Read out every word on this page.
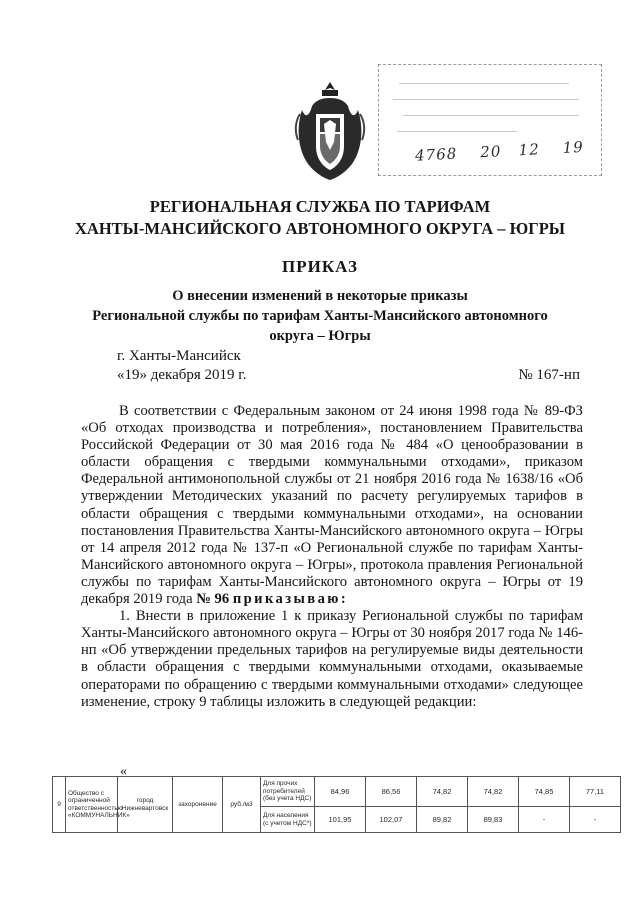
4768 20 12 19
РЕГИОНАЛЬНАЯ СЛУЖБА ПО ТАРИФАМ
ХАНТЫ-МАНСИЙСКОГО АВТОНОМНОГО ОКРУГА – ЮГРЫ
ПРИКАЗ
О внесении изменений в некоторые приказы
Региональной службы по тарифам Ханты-Мансийского автономного
округа – Югры
г. Ханты-Мансийск
«19» декабря 2019 г.	№ 167-нп

В соответствии с Федеральным законом от 24 июня 1998 года № 89-ФЗ «Об отходах производства и потребления», постановлением Правительства Российской Федерации от 30 мая 2016 года № 484 «О ценообразовании в области обращения с твердыми коммунальными отходами», приказом Федеральной антимонопольной службы от 21 ноября 2016 года № 1638/16 «Об утверждении Методических указаний по расчету регулируемых тарифов в области обращения с твердыми коммунальными отходами», на основании постановления Правительства Ханты-Мансийского автономного округа – Югры от 14 апреля 2012 года № 137-п «О Региональной службе по тарифам Ханты-Мансийского автономного округа – Югры», протокола правления Региональной службы по тарифам Ханты-Мансийского автономного округа – Югры от 19 декабря 2019 года № 96 приказываю:

1. Внести в приложение 1 к приказу Региональной службы по тарифам Ханты-Мансийского автономного округа – Югры от 30 ноября 2017 года № 146-нп «Об утверждении предельных тарифов на регулируемые виды деятельности в области обращения с твердыми коммунальными отходами, оказываемые операторами по обращению с твердыми коммунальными отходами» следующее изменение, строку 9 таблицы изложить в следующей редакции:

«
9	Общество с ограниченной ответственностью «КОММУНАЛЬНИК»	город Нижневартовск	захоронение	руб./м3	Для прочих потребителей (без учета НДС)	84,96	86,56	74,82	74,82	74,85	77,11
					Для населения (с учетом НДС*)	101,95	102,07	89,82	89,83	-	-
